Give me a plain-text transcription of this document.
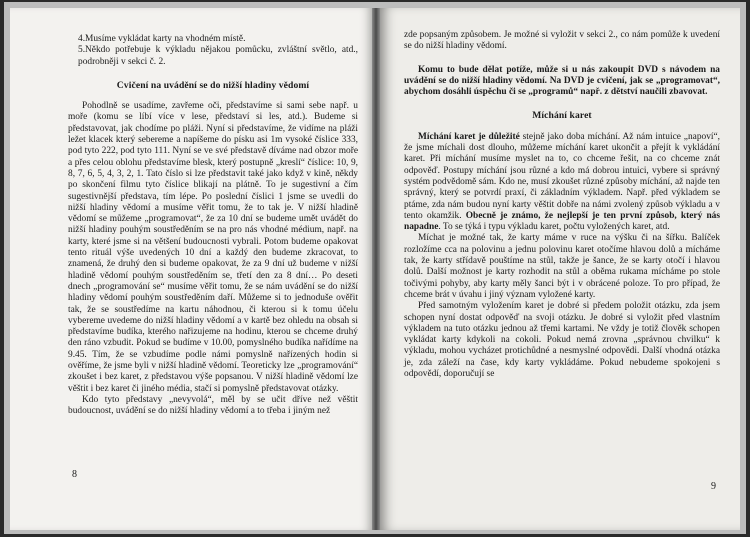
4.Musíme vykládat karty na vhodném místě.

5.Někdo potřebuje k výkladu nějakou pomůcku, zvláštní světlo, atd., podrobněji v sekci č. 2.

Cvičení na uvádění se do nižší hladiny vědomí

Pohodlně se usadíme, zavřeme oči, představíme si sami sebe např. u moře (komu se líbí více v lese, představí si les, atd.). Budeme si představovat, jak chodíme po pláži. Nyní si představíme, že vidíme na pláži ležet klacek který sebereme a napíšeme do písku asi 1m vysoké číslice 333, pod tyto 222, pod tyto 111. Nyní se ve své představě díváme nad obzor moře a přes celou oblohu představíme blesk, který postupně „kreslí“ číslice: 10, 9, 8, 7, 6, 5, 4, 3, 2, 1. Tato číslo si lze představit také jako když v kině, někdy po skončení filmu tyto číslice blikají na plátně. To je sugestivní a čím sugestivnější představa, tím lépe. Po poslední číslici 1 jsme se uvedli do nižší hladiny vědomí a musíme věřit tomu, že to tak je. V nižší hladině vědomí se můžeme „programovat“, že za 10 dní se budeme umět uvádět do nižší hladiny pouhým soustředěním se na pro nás vhodné médium, např. na karty, které jsme si na většení budoucnosti vybrali. Potom budeme opakovat tento rituál výše uvedených 10 dní a každý den budeme zkracovat, to znamená, že druhý den si budeme opakovat, že za 9 dní už budeme v nižší hladině vědomí pouhým soustředěním se, třetí den za 8 dní… Po deseti dnech „programování se“ musíme věřit tomu, že se nám uvádění se do nižší hladiny vědomí pouhým soustředěním daří. Můžeme si to jednoduše ověřit tak, že se soustředíme na kartu náhodnou, či kterou si k tomu účelu vybereme uvedeme do nižší hladiny vědomí a v kartě bez ohledu na obsah si představíme budíka, kterého nařizujeme na hodinu, kterou se chceme druhý den ráno vzbudit. Pokud se budíme v 10.00, pomyslného budíka nařídíme na 9.45. Tím, že se vzbudíme podle námi pomyslně nařízených hodin si ověříme, že jsme byli v nižší hladině vědomí. Teoreticky lze „programování“ zkoušet i bez karet, z představou výše popsanou. V nižší hladině vědomí lze věštit i bez karet či jiného média, stačí si pomyslně představovat otázky.

Kdo tyto představy „nevyvolá“, měl by se učit dříve než věštit budoucnost, uvádění se do nižší hladiny vědomí a to třeba i jiným než

8

zde popsaným způsobem. Je možné si vyložit v sekci 2., co nám pomůže k uvedení se do nižší hladiny vědomí.

Komu to bude dělat potíže, může si u nás zakoupit DVD s návodem na uvádění se do nižší hladiny vědomí. Na DVD je cvičení, jak se „programovat“, abychom dosáhli úspěchu či se „programů“ např. z dětství naučili zbavovat.

Míchání karet

Míchání karet je důležité stejně jako doba míchání. Až nám intuice „napoví“, že jsme míchali dost dlouho, můžeme míchání karet ukončit a přejít k vykládání karet. Při míchání musíme myslet na to, co chceme řešit, na co chceme znát odpověď. Postupy míchání jsou různé a kdo má dobrou intuici, vybere si správný systém podvědomě sám. Kdo ne, musí zkoušet různé způsoby míchání, až najde ten správný, který se potvrdí praxí, či základním výkladem. Např. před výkladem se ptáme, zda nám budou nyní karty věštit dobře na námi zvolený způsob výkladu a v tento okamžik. Obecně je známo, že nejlepší je ten první způsob, který nás napadne. To se týká i typu výkladu karet, počtu vyložených karet, atd.

Míchat je možné tak, že karty máme v ruce na výšku či na šířku. Balíček rozložíme cca na polovinu a jednu polovinu karet otočíme hlavou dolů a mícháme tak, že karty střídavě pouštíme na stůl, takže je šance, že se karty otočí i hlavou dolů. Další možnost je karty rozhodit na stůl a oběma rukama mícháme po stole točivými pohyby, aby karty měly šanci být i v obrácené poloze. To pro případ, že chceme brát v úvahu i jiný význam vyložené karty.

Před samotným vyložením karet je dobré si předem položit otázku, zda jsem schopen nyní dostat odpověď na svoji otázku. Je dobré si vyložit před vlastním výkladem na tuto otázku jednou až třemi kartami. Ne vždy je totiž člověk schopen vykládat karty kdykoli na cokoli. Pokud nemá zrovna „správnou chvilku“ k výkladu, mohou vycházet protichůdné a nesmyslné odpovědi. Další vhodná otázka je, zda záleží na čase, kdy karty vykládáme. Pokud nebudeme spokojeni s odpovědí, doporučují se

9
